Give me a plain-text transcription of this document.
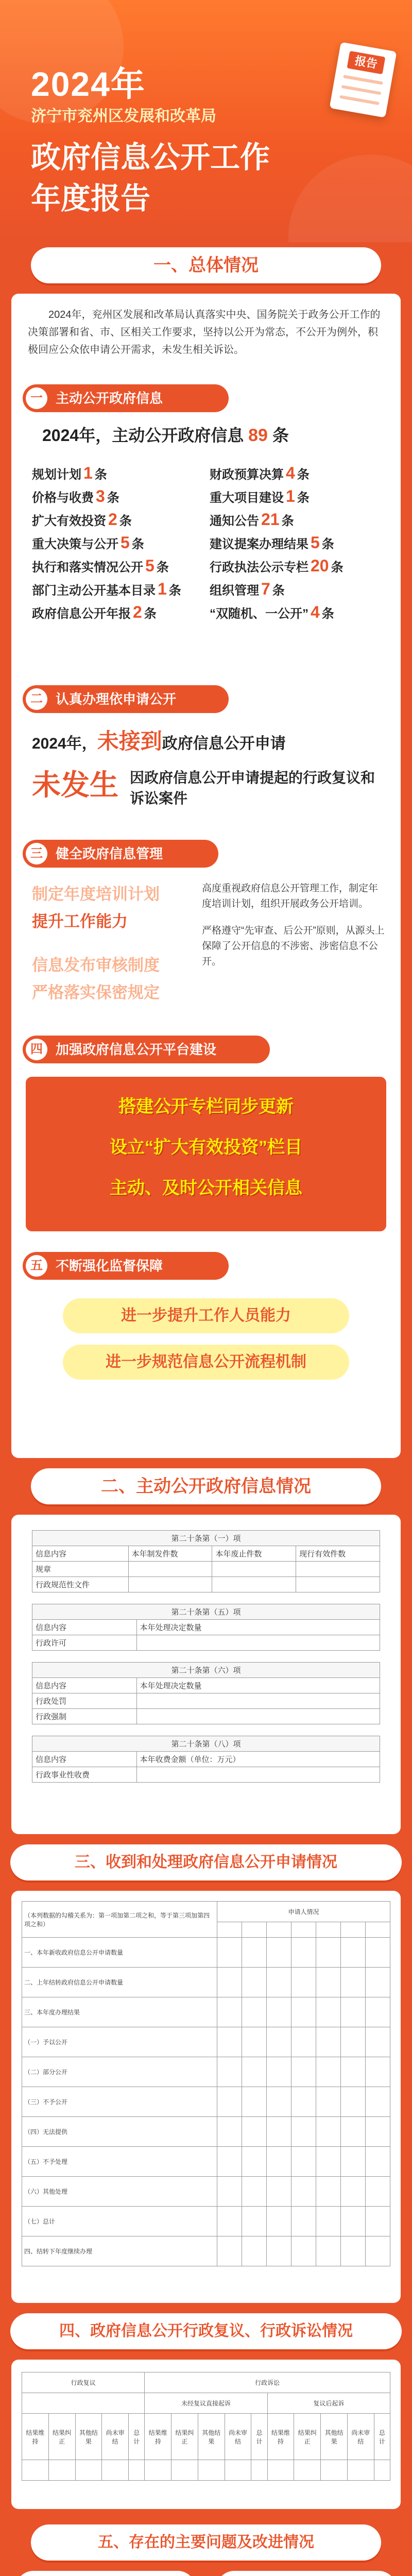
2024年
济宁市兖州区发展和改革局
政府信息公开工作
年度报告
报告
一、总体情况
2024年，兖州区发展和改革局认真落实中央、国务院关于政务公开工作的决策部署和省、市、区相关工作要求，坚持以公开为常态，不公开为例外，积极回应公众依申请公开需求，未发生相关诉讼。
一 主动公开政府信息
2024年，主动公开政府信息 89 条
规划计划 1 条	财政预算决算 4 条
价格与收费 3 条	重大项目建设 1 条
扩大有效投资 2 条	通知公告 21 条
重大决策与公开 5 条	建议提案办理结果 5 条
执行和落实情况公开 5 条	行政执法公示专栏 20 条
部门主动公开基本目录 1 条	组织管理 7 条
政府信息公开年报 2 条	“双随机、一公开” 4 条
二 认真办理依申请公开
2024年，未接到政府信息公开申请
未发生 因政府信息公开申请提起的行政复议和诉讼案件
三 健全政府信息管理
制定年度培训计划
提升工作能力
信息发布审核制度
严格落实保密规定
高度重视政府信息公开管理工作，制定年度培训计划，组织开展政务公开培训。
严格遵守“先审查、后公开”原则，从源头上保障了公开信息的不涉密、涉密信息不公开。
四 加强政府信息公开平台建设
搭建公开专栏同步更新
设立“扩大有效投资”栏目
主动、及时公开相关信息
五 不断强化监督保障
进一步提升工作人员能力
进一步规范信息公开流程机制
二、主动公开政府信息情况
第二十条第（一）项			
信息内容	本年制发件数	本年废止件数	现行有效件数
规章			
行政规范性文件			
第二十条第（五）项	
信息内容	本年处理决定数量
行政许可	
第二十条第（六）项	
信息内容	本年处理决定数量
行政处罚	
行政强制	
第二十条第（八）项	
信息内容	本年收费金额（单位：万元）
行政事业性收费	
三、收到和处理政府信息公开申请情况
（本列数据的勾稽关系为：第一项加第二项之和，等于第三项加第四项之和）	申请人情况						

一、本年新收政府信息公开申请数量							
二、上年结转政府信息公开申请数量							
三、本年度办理结果							
（一）予以公开							
（二）部分公开							
（三）不予公开							
（四）无法提供							
（五）不予处理							
（六）其他处理							
（七）总计							
四、结转下年度继续办理							
四、政府信息公开行政复议、行政诉讼情况
行政复议					行政诉讼									
					未经复议直接起诉					复议后起诉				
结果维持	结果纠正	其他结果	尚未审结	总计	结果维持	结果纠正	其他结果	尚未审结	总计	结果维持	结果纠正	其他结果	尚未审结	总计

五、存在的主要问题及改进情况
